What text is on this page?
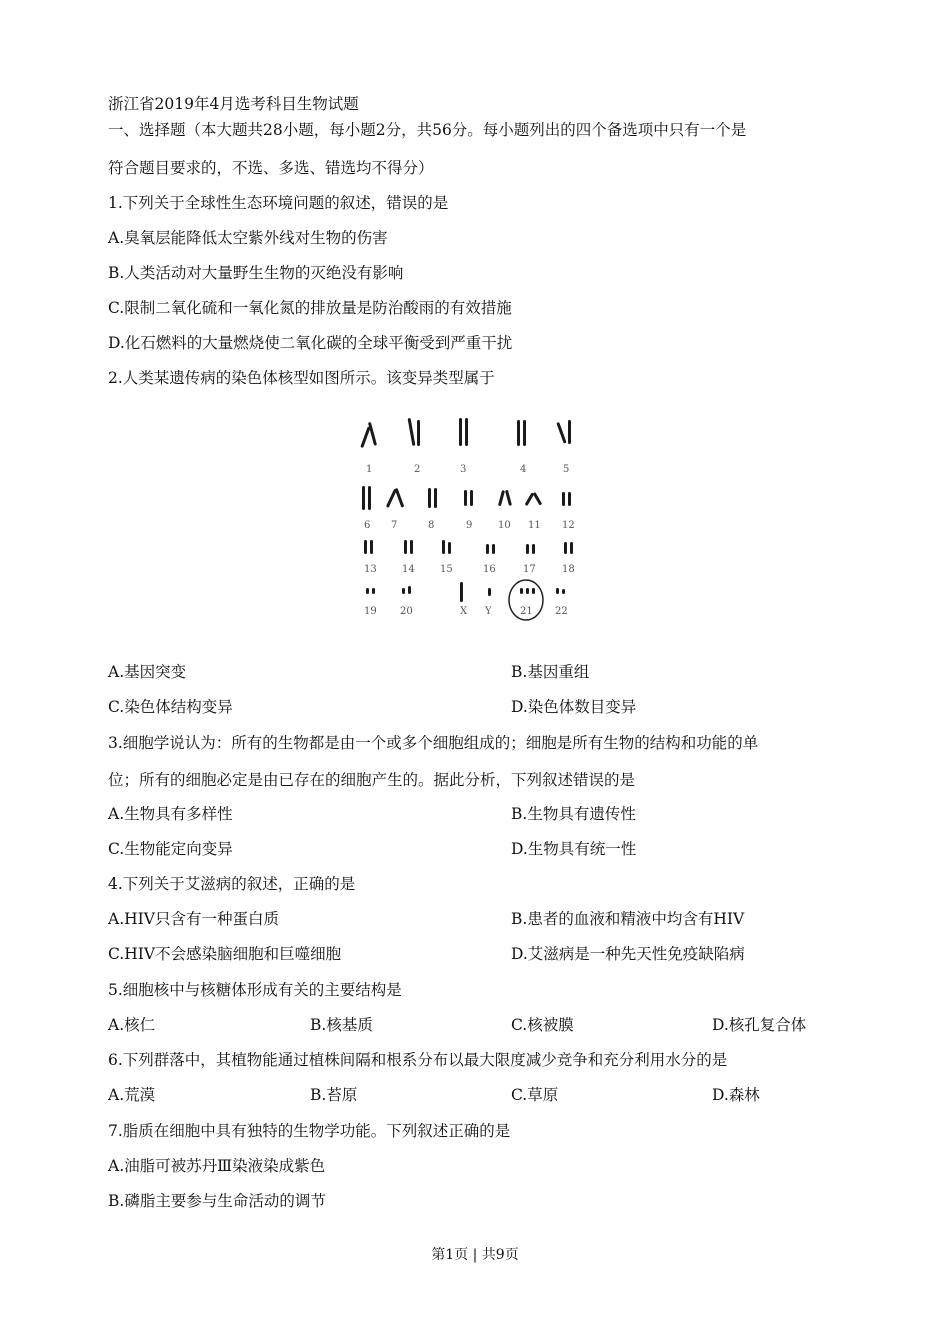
浙江省2019年4月选考科目生物试题
一、选择题（本大题共28小题，每小题2分，共56分。每小题列出的四个备选项中只有一个是
符合题目要求的，不选、多选、错选均不得分）
1.下列关于全球性生态环境问题的叙述，错误的是
A.臭氧层能降低太空紫外线对生物的伤害
B.人类活动对大量野生生物的灭绝没有影响
C.限制二氧化硫和一氧化氮的排放量是防治酸雨的有效措施
D.化石燃料的大量燃烧使二氧化碳的全球平衡受到严重干扰
2.人类某遗传病的染色体核型如图所示。该变异类型属于
1	2	3	4	5
6 7	8	9	10 11 12
13	14	15	16	17	18
19 20	X Y	21 22
A.基因突变	B.基因重组
C.染色体结构变异	D.染色体数目变异
3.细胞学说认为：所有的生物都是由一个或多个细胞组成的；细胞是所有生物的结构和功能的单
位；所有的细胞必定是由已存在的细胞产生的。据此分析，下列叙述错误的是
A.生物具有多样性	B.生物具有遗传性
C.生物能定向变异	D.生物具有统一性
4.下列关于艾滋病的叙述，正确的是
A.HIV只含有一种蛋白质	B.患者的血液和精液中均含有HIV
C.HIV不会感染脑细胞和巨噬细胞	D.艾滋病是一种先天性免疫缺陷病
5.细胞核中与核糖体形成有关的主要结构是
A.核仁	B.核基质	C.核被膜	D.核孔复合体
6.下列群落中，其植物能通过植株间隔和根系分布以最大限度减少竞争和充分利用水分的是
A.荒漠	B.苔原	C.草原	D.森林
7.脂质在细胞中具有独特的生物学功能。下列叙述正确的是
A.油脂可被苏丹Ⅲ染液染成紫色
B.磷脂主要参与生命活动的调节
第1页 | 共9页
